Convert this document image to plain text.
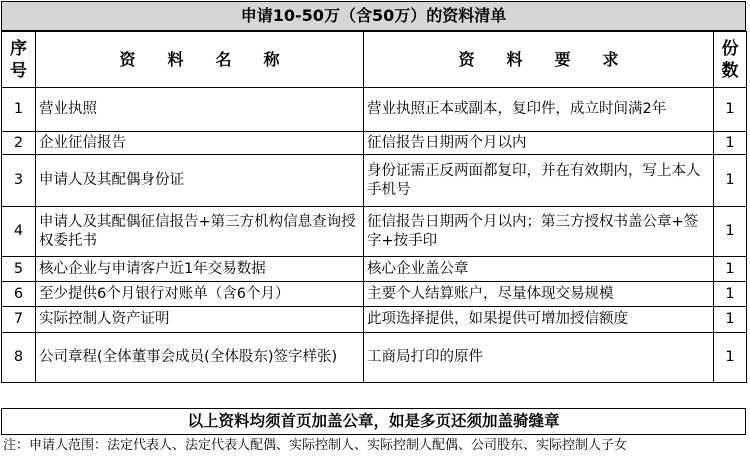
申请10-50万（含50万）的资料清单
序号	资　　料　　名　　称	资　　料　　要　　求	份数
1	营业执照	营业执照正本或副本，复印件，成立时间满2年	1
2	企业征信报告	征信报告日期两个月以内	1
3	申请人及其配偶身份证	身份证需正反两面都复印，并在有效期内，写上本人手机号	1
4	申请人及其配偶征信报告+第三方机构信息查询授权委托书	征信报告日期两个月以内；第三方授权书盖公章+签字+按手印	1
5	核心企业与申请客户近1年交易数据	核心企业盖公章	1
6	至少提供6个月银行对账单（含6个月）	主要个人结算账户，尽量体现交易规模	1
7	实际控制人资产证明	此项选择提供，如果提供可增加授信额度	1
8	公司章程(全体董事会成员(全体股东)签字样张)	工商局打印的原件	1
以上资料均须首页加盖公章，如是多页还须加盖骑缝章
注：申请人范围：法定代表人、法定代表人配偶、实际控制人、实际控制人配偶、公司股东、实际控制人子女
